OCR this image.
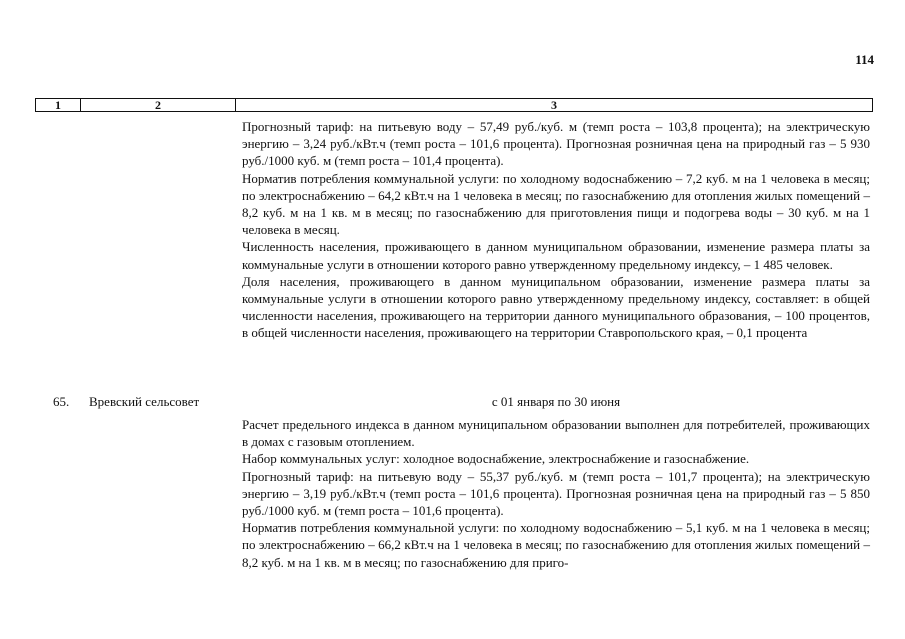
114
1	2	3

Прогнозный тариф: на питьевую воду – 57,49 руб./куб. м (темп роста – 103,8 процента); на электрическую энергию – 3,24 руб./кВт.ч (темп роста – 101,6 процента). Прогнозная розничная цена на природный газ – 5 930 руб./1000 куб. м (темп роста – 101,4 процента).

Норматив потребления коммунальной услуги: по холодному водоснабжению – 7,2 куб. м на 1 человека в месяц; по электроснабжению – 64,2 кВт.ч на 1 человека в месяц; по газоснабжению для отопления жилых помещений – 8,2 куб. м на 1 кв. м в месяц; по газоснабжению для приготовления пищи и подогрева воды – 30 куб. м на 1 человека в месяц.

Численность населения, проживающего в данном муниципальном образовании, изменение размера платы за коммунальные услуги в отношении которого равно утвержденному предельному индексу, – 1 485 человек.

Доля населения, проживающего в данном муниципальном образовании, изменение размера платы за коммунальные услуги в отношении которого равно утвержденному предельному индексу, составляет: в общей численности населения, проживающего на территории данного муниципального образования, – 100 процентов, в общей численности населения, проживающего на территории Ставропольского края, – 0,1 процента

65. Вревский сельсовет	с 01 января по 30 июня

Расчет предельного индекса в данном муниципальном образовании выполнен для потребителей, проживающих в домах с газовым отоплением.

Набор коммунальных услуг: холодное водоснабжение, электроснабжение и газоснабжение.

Прогнозный тариф: на питьевую воду – 55,37 руб./куб. м (темп роста – 101,7 процента); на электрическую энергию – 3,19 руб./кВт.ч (темп роста – 101,6 процента). Прогнозная розничная цена на природный газ – 5 850 руб./1000 куб. м (темп роста – 101,6 процента).

Норматив потребления коммунальной услуги: по холодному водоснабжению – 5,1 куб. м на 1 человека в месяц; по электроснабжению – 66,2 кВт.ч на 1 человека в месяц; по газоснабжению для отопления жилых помещений – 8,2 куб. м на 1 кв. м в месяц; по газоснабжению для приго-
